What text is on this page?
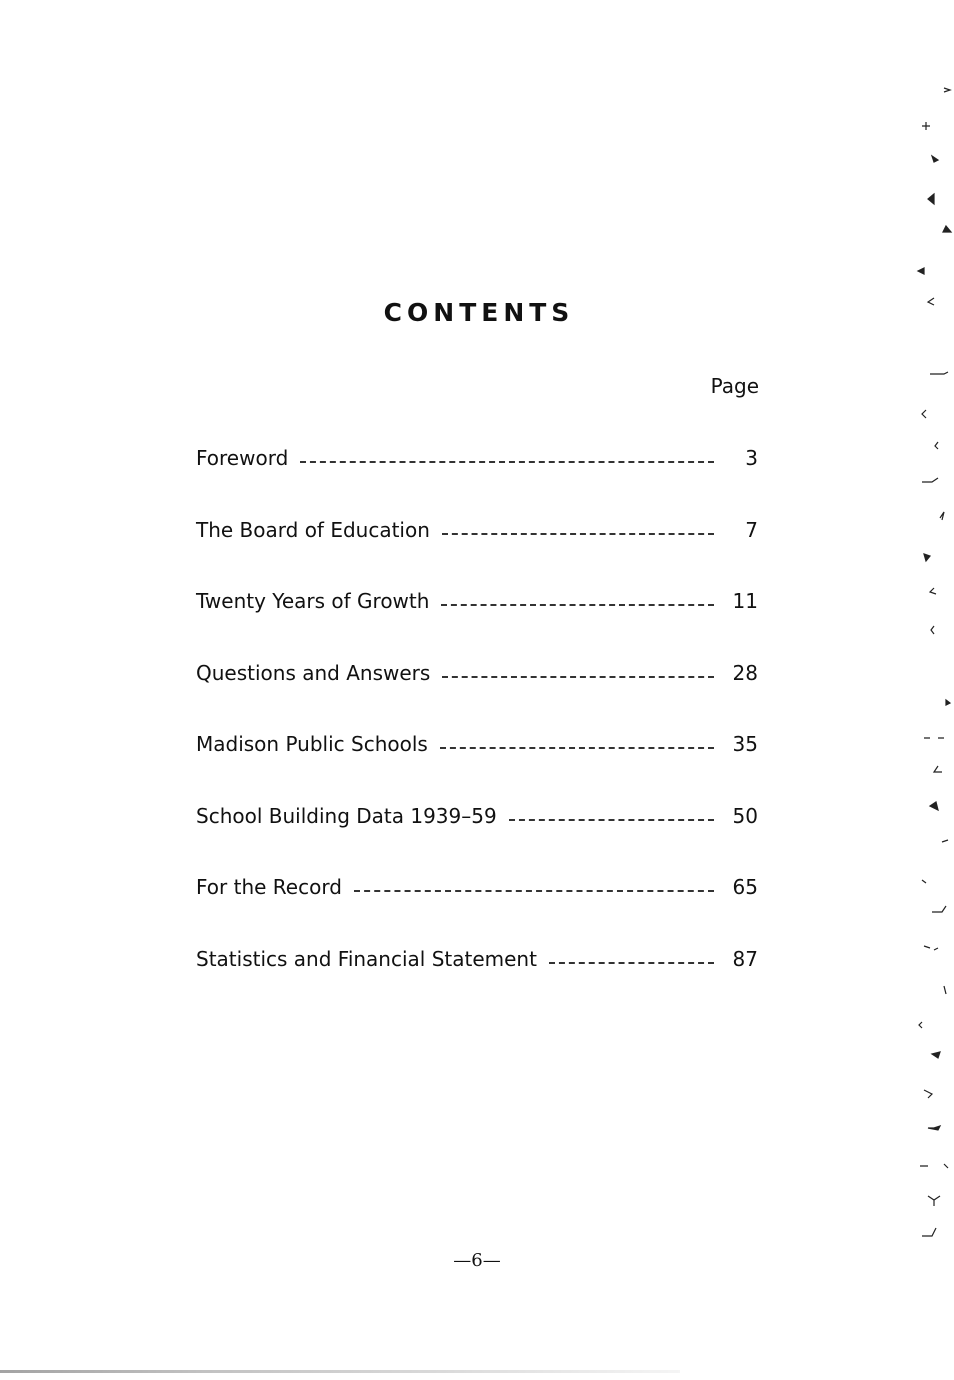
CONTENTS
Page
Foreword	3
The Board of Education	7
Twenty Years of Growth	11
Questions and Answers	28
Madison Public Schools	35
School Building Data 1939–59	50
For the Record	65
Statistics and Financial Statement	87
—6—
